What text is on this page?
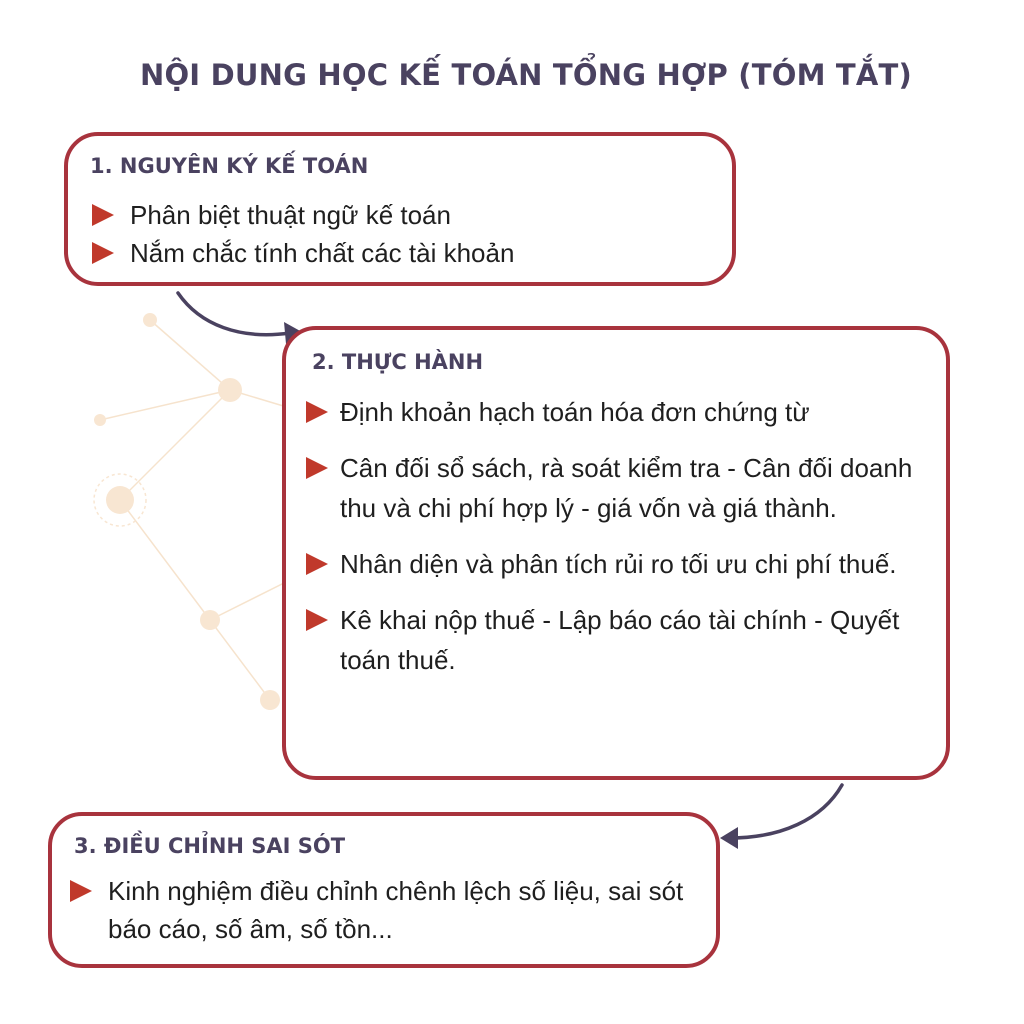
NỘI DUNG HỌC KẾ TOÁN TỔNG HỢP (TÓM TẮT)
1. NGUYÊN KÝ KẾ TOÁN
Phân biệt thuật ngữ kế toán
Nắm chắc tính chất các tài khoản
2. THỰC HÀNH
Định khoản hạch toán hóa đơn chứng từ
Cân đối sổ sách, rà soát kiểm tra - Cân đối doanh thu và chi phí hợp lý - giá vốn và giá thành.
Nhân diện và phân tích rủi ro tối ưu chi phí thuế.
Kê khai nộp thuế - Lập báo cáo tài chính - Quyết toán thuế.
3. ĐIỀU CHỈNH SAI SÓT
Kinh nghiệm điều chỉnh chênh lệch số liệu, sai sót báo cáo, số âm, số tồn...
